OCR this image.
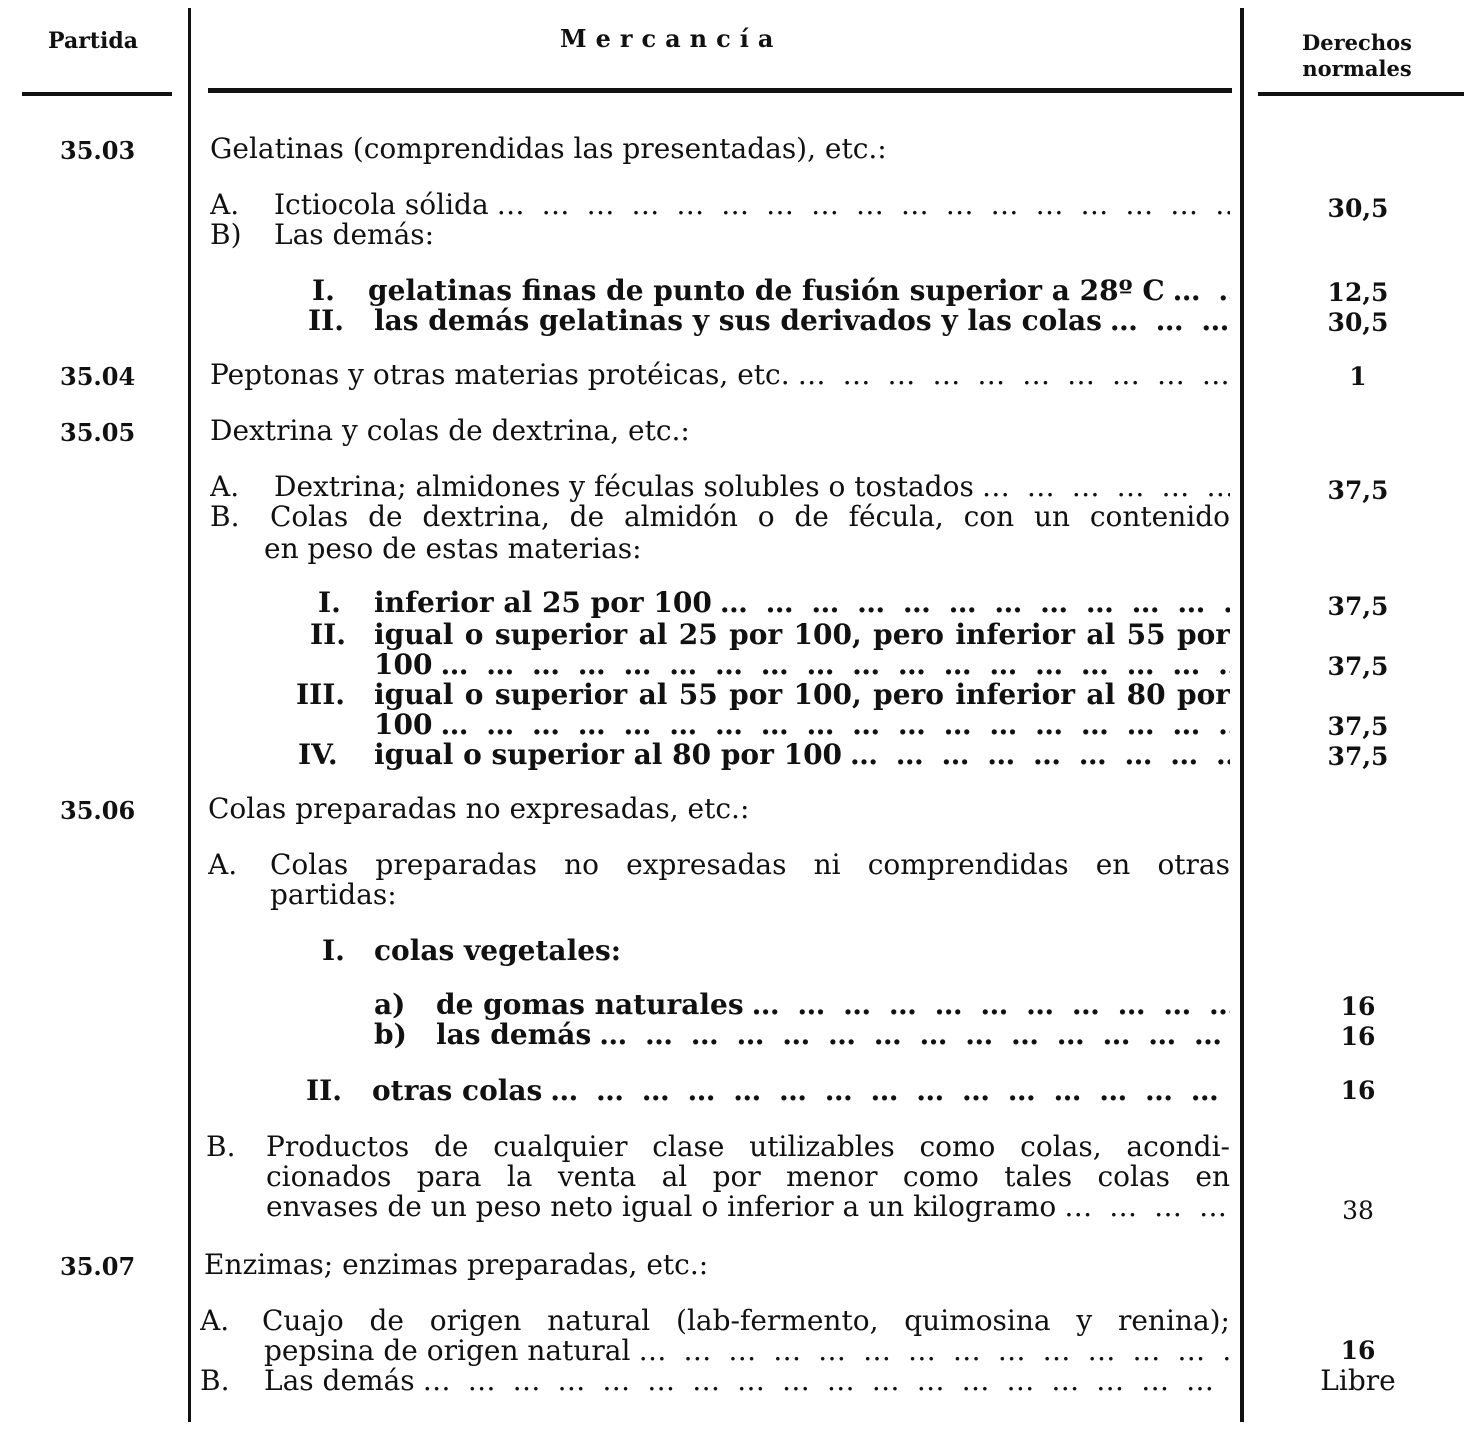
Partida	Mercancía	Derechos
normales
35.03	Gelatinas (comprendidas las presentadas), etc.:
A. Ictiocola sólida … … … … … … … … … … … … … … … … … … … … … … … … … … … … … … … … … … … … … … … … … … … … … … … … … …	30,5
B) Las demás:
I. gelatinas finas de punto de fusión superior a 28º C … … … … … … … … … … … … … … … … … … … … … … … … … … … … … … … … … … … … … … … … … … … … … … … … … …	12,5
II. las demás gelatinas y sus derivados y las colas … … … … … … … … … … … … … … … … … … … … … … … … … … … … … … … … … … … … … … … … … … … … … … … … … …	30,5
35.04	Peptonas y otras materias protéicas, etc. … … … … … … … … … … … … … … … … … … … … … … … … … … … … … … … … … … … … … … … … … … … … … … … … … …	1
35.05	Dextrina y colas de dextrina, etc.:
A. Dextrina; almidones y féculas solubles o tostados … … … … … … … … … … … … … … … … … … … … … … … … … … … … … … … … … … … … … … … … … … … … … … … … … …	37,5
B. Colas de dextrina, de almidón o de fécula, con un contenido
en peso de estas materias:
I. inferior al 25 por 100 … … … … … … … … … … … … … … … … … … … … … … … … … … … … … … … … … … … … … … … … … … … … … … … … … …	37,5
II. igual o superior al 25 por 100, pero inferior al 55 por
100 … … … … … … … … … … … … … … … … … … … … … … … … … … … … … … … … … … … … … … … … … … … … … … … … … …	37,5
III. igual o superior al 55 por 100, pero inferior al 80 por
100 … … … … … … … … … … … … … … … … … … … … … … … … … … … … … … … … … … … … … … … … … … … … … … … … … …	37,5
IV. igual o superior al 80 por 100 … … … … … … … … … … … … … … … … … … … … … … … … … … … … … … … … … … … … … … … … … … … … … … … … … …	37,5
35.06	Colas preparadas no expresadas, etc.:
A. Colas preparadas no expresadas ni comprendidas en otras
partidas:
I. colas vegetales:
a) de gomas naturales … … … … … … … … … … … … … … … … … … … … … … … … … … … … … … … … … … … … … … … … … … … … … … … … … …	16
b) las demás … … … … … … … … … … … … … … … … … … … … … … … … … … … … … … … … … … … … … … … … … … … … … … … … … …	16
II. otras colas … … … … … … … … … … … … … … … … … … … … … … … … … … … … … … … … … … … … … … … … … … … … … … … … … …	16
B. Productos de cualquier clase utilizables como colas, acondi-
cionados para la venta al por menor como tales colas en
envases de un peso neto igual o inferior a un kilogramo … … … … … … … … … … … … … … … … … … … … … … … … … … … … … … … … … … … … … … … … … … … … … … … … … …	38
35.07 Enzimas; enzimas preparadas, etc.:
A. Cuajo de origen natural (lab-fermento, quimosina y renina);
pepsina de origen natural … … … … … … … … … … … … … … … … … … … … … … … … … … … … … … … … … … … … … … … … … … … … … … … … … …	16
B. Las demás … … … … … … … … … … … … … … … … … … … … … … … … … … … … … … … … … … … … … … … … … … … … … … … … … …	Libre
